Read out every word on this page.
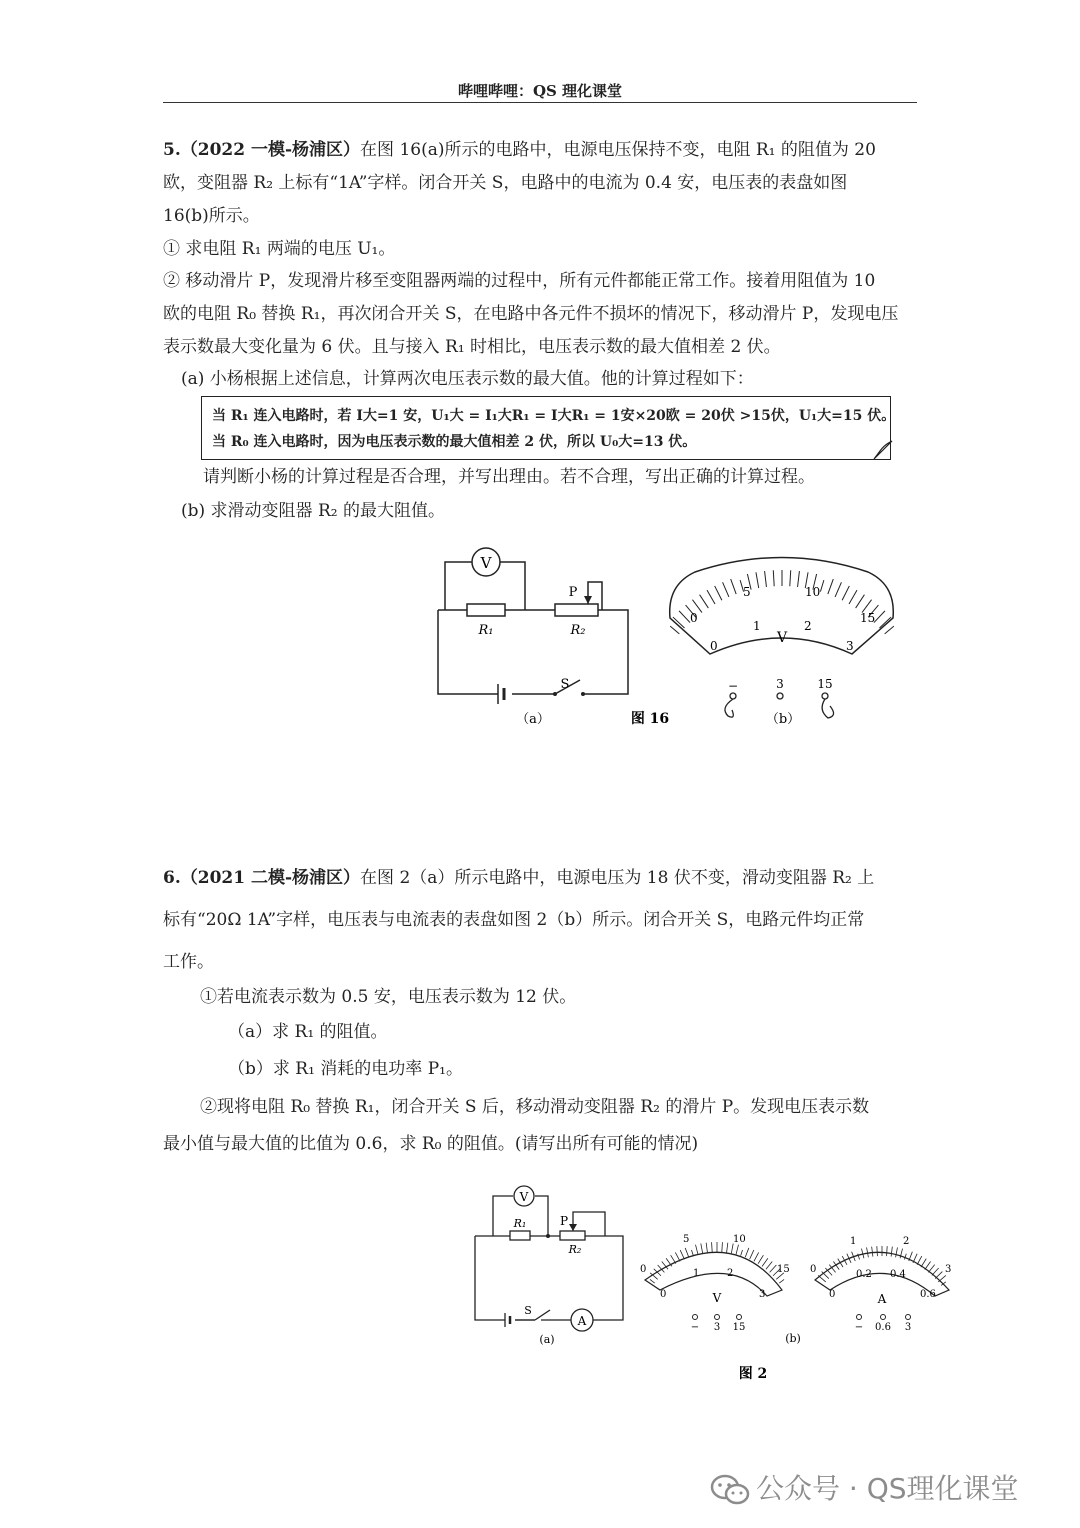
哔哩哔哩：QS 理化课堂
5.（2022 一模-杨浦区）在图 16(a)所示的电路中，电源电压保持不变，电阻 R₁ 的阻值为 20
欧，变阻器 R₂ 上标有“1A”字样。闭合开关 S，电路中的电流为 0.4 安，电压表的表盘如图
16(b)所示。
① 求电阻 R₁ 两端的电压 U₁。
② 移动滑片 P，发现滑片移至变阻器两端的过程中，所有元件都能正常工作。接着用阻值为 10
欧的电阻 R₀ 替换 R₁，再次闭合开关 S，在电路中各元件不损坏的情况下，移动滑片 P，发现电压
表示数最大变化量为 6 伏。且与接入 R₁ 时相比，电压表示数的最大值相差 2 伏。
(a) 小杨根据上述信息，计算两次电压表示数的最大值。他的计算过程如下：
当 R₁ 连入电路时，若 I大=1 安，U₁大 = I₁大R₁ = I大R₁ = 1安×20欧 = 20伏 >15伏，U₁大=15 伏。
当 R₀ 连入电路时，因为电压表示数的最大值相差 2 伏，所以 U₀大=13 伏。
请判断小杨的计算过程是否合理，并写出理由。若不合理，写出正确的计算过程。
(b) 求滑动变阻器 R₂ 的最大阻值。
V
R₁	R₂
P
S
（a）	图 16	（b）
V
0
5	10
15
0
1	2
3
−	3	15
6.（2021 二模-杨浦区）在图 2（a）所示电路中，电源电压为 18 伏不变，滑动变阻器 R₂ 上
标有“20Ω 1A”字样，电压表与电流表的表盘如图 2（b）所示。闭合开关 S，电路元件均正常
工作。
①若电流表示数为 0.5 安，电压表示数为 12 伏。
（a）求 R₁ 的阻值。
（b）求 R₁ 消耗的电功率 P₁。
②现将电阻 R₀ 替换 R₁，闭合开关 S 后，移动滑动变阻器 R₂ 的滑片 P。发现电压表示数
最小值与最大值的比值为 0.6，求 R₀ 的阻值。(请写出所有可能的情况)
V
A
R₁
R₂
P
S
(a)	(b)
图 2
0
5	10
15
0
1	2
3
V
− 3 15
0
1	2
3
0
0.2 0.4
0.6
A
− 0.6 3
公众号 · QS理化课堂
